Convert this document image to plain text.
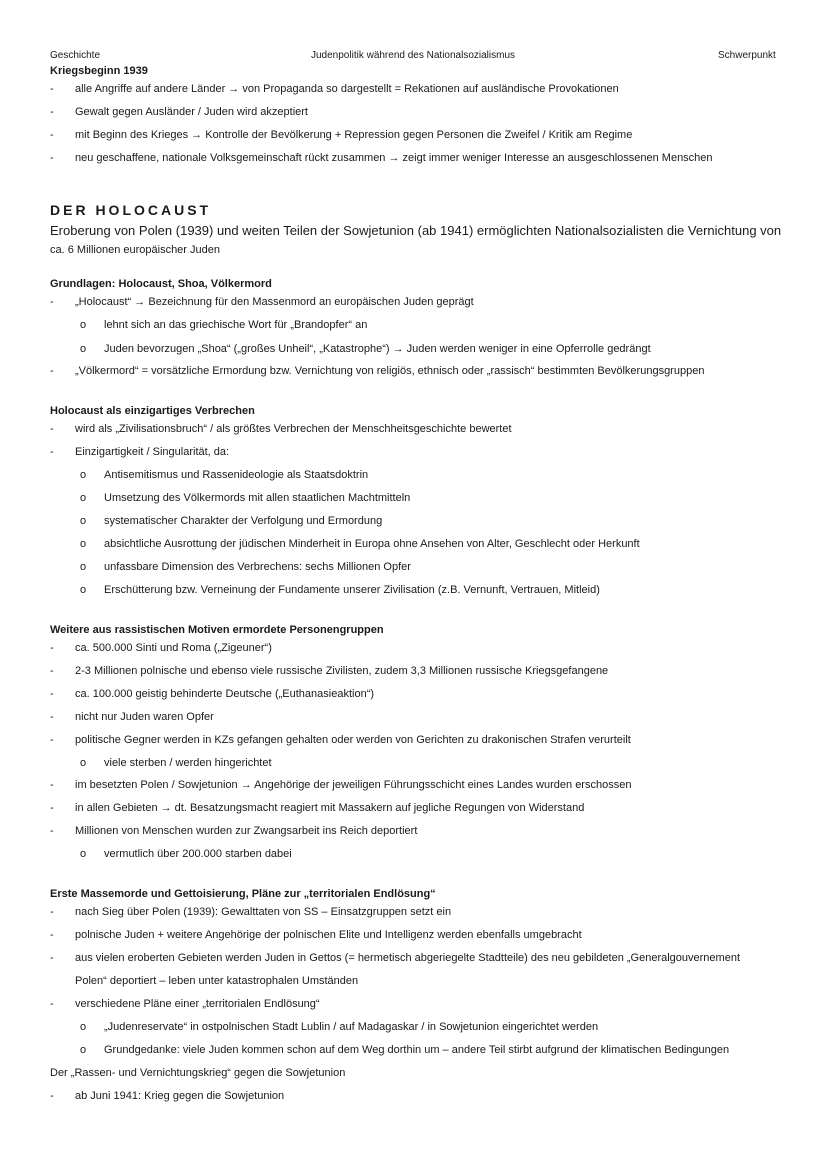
Geschichte	Judenpolitik während des Nationalsozialismus	Schwerpunkt
Kriegsbeginn 1939
- alle Angriffe auf andere Länder → von Propaganda so dargestellt = Rekationen auf ausländische Provokationen
- Gewalt gegen Ausländer / Juden wird akzeptiert
- mit Beginn des Krieges → Kontrolle der Bevölkerung + Repression gegen Personen die Zweifel / Kritik am Regime
- neu geschaffene, nationale Volksgemeinschaft rückt zusammen → zeigt immer weniger Interesse an ausgeschlossenen Menschen
DER HOLOCAUST
Eroberung von Polen (1939) und weiten Teilen der Sowjetunion (ab 1941) ermöglichten Nationalsozialisten die Vernichtung von
ca. 6 Millionen europäischer Juden
Grundlagen: Holocaust, Shoa, Völkermord
- „Holocaust“ → Bezeichnung für den Massenmord an europäischen Juden geprägt
o lehnt sich an das griechische Wort für „Brandopfer“ an
o Juden bevorzugen „Shoa“ („großes Unheil“, „Katastrophe“) → Juden werden weniger in eine Opferrolle gedrängt
- „Völkermord“ = vorsätzliche Ermordung bzw. Vernichtung von religiös, ethnisch oder „rassisch“ bestimmten Bevölkerungsgruppen
Holocaust als einzigartiges Verbrechen
- wird als „Zivilisationsbruch“ / als größtes Verbrechen der Menschheitsgeschichte bewertet
- Einzigartigkeit / Singularität, da:
o Antisemitismus und Rassenideologie als Staatsdoktrin
o Umsetzung des Völkermords mit allen staatlichen Machtmitteln
o systematischer Charakter der Verfolgung und Ermordung
o absichtliche Ausrottung der jüdischen Minderheit in Europa ohne Ansehen von Alter, Geschlecht oder Herkunft
o unfassbare Dimension des Verbrechens: sechs Millionen Opfer
o Erschütterung bzw. Verneinung der Fundamente unserer Zivilisation (z.B. Vernunft, Vertrauen, Mitleid)
Weitere aus rassistischen Motiven ermordete Personengruppen
- ca. 500.000 Sinti und Roma („Zigeuner“)
- 2-3 Millionen polnische und ebenso viele russische Zivilisten, zudem 3,3 Millionen russische Kriegsgefangene
- ca. 100.000 geistig behinderte Deutsche („Euthanasieaktion“)
- nicht nur Juden waren Opfer
- politische Gegner werden in KZs gefangen gehalten oder werden von Gerichten zu drakonischen Strafen verurteilt
o viele sterben / werden hingerichtet
- im besetzten Polen / Sowjetunion → Angehörige der jeweiligen Führungsschicht eines Landes wurden erschossen
- in allen Gebieten → dt. Besatzungsmacht reagiert mit Massakern auf jegliche Regungen von Widerstand
- Millionen von Menschen wurden zur Zwangsarbeit ins Reich deportiert
o vermutlich über 200.000 starben dabei
Erste Massemorde und Gettoisierung, Pläne zur „territorialen Endlösung“
- nach Sieg über Polen (1939): Gewalttaten von SS – Einsatzgruppen setzt ein
- polnische Juden + weitere Angehörige der polnischen Elite und Intelligenz werden ebenfalls umgebracht
- aus vielen eroberten Gebieten werden Juden in Gettos (= hermetisch abgeriegelte Stadtteile) des neu gebildeten „Generalgouvernement
Polen“ deportiert – leben unter katastrophalen Umständen
- verschiedene Pläne einer „territorialen Endlösung“
o „Judenreservate“ in ostpolnischen Stadt Lublin / auf Madagaskar / in Sowjetunion eingerichtet werden
o Grundgedanke: viele Juden kommen schon auf dem Weg dorthin um – andere Teil stirbt aufgrund der klimatischen Bedingungen
Der „Rassen- und Vernichtungskrieg“ gegen die Sowjetunion
- ab Juni 1941: Krieg gegen die Sowjetunion
